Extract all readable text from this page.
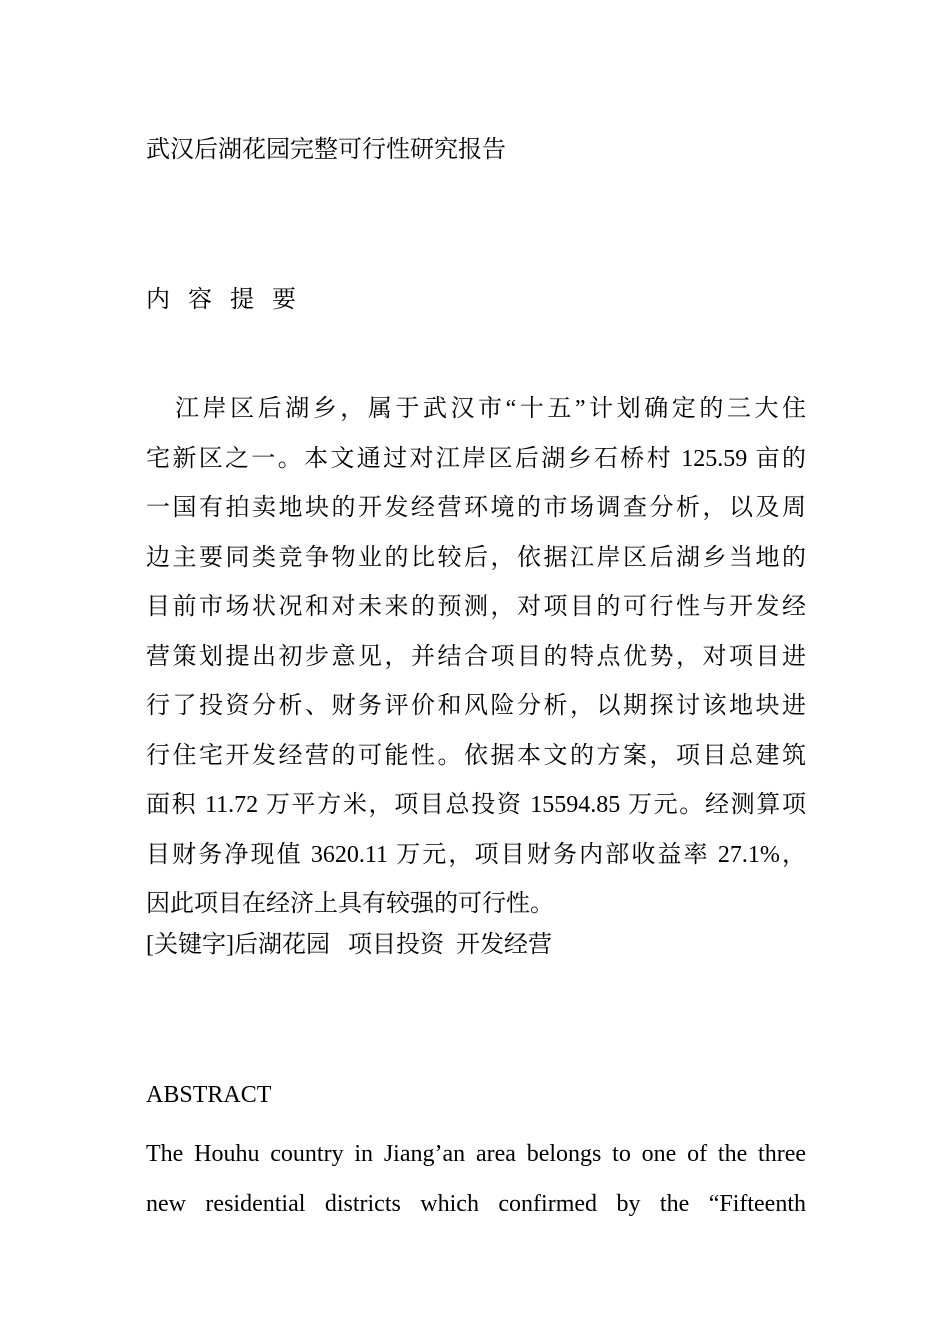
武汉后湖花园完整可行性研究报告
内 容 提 要
江岸区后湖乡，属于武汉市“十五”计划确定的三大住
宅新区之一。本文通过对江岸区后湖乡石桥村 125.59 亩的
一国有拍卖地块的开发经营环境的市场调查分析，以及周
边主要同类竞争物业的比较后，依据江岸区后湖乡当地的
目前市场状况和对未来的预测，对项目的可行性与开发经
营策划提出初步意见，并结合项目的特点优势，对项目进
行了投资分析、财务评价和风险分析，以期探讨该地块进
行住宅开发经营的可能性。依据本文的方案，项目总建筑
面积 11.72 万平方米，项目总投资 15594.85 万元。经测算项
目财务净现值 3620.11 万元，项目财务内部收益率 27.1%，
因此项目在经济上具有较强的可行性。
[关键字]后湖花园   项目投资  开发经营
ABSTRACT
The Houhu country in Jiang’an area belongs to one of the three
new residential districts which confirmed by the “Fifteenth
